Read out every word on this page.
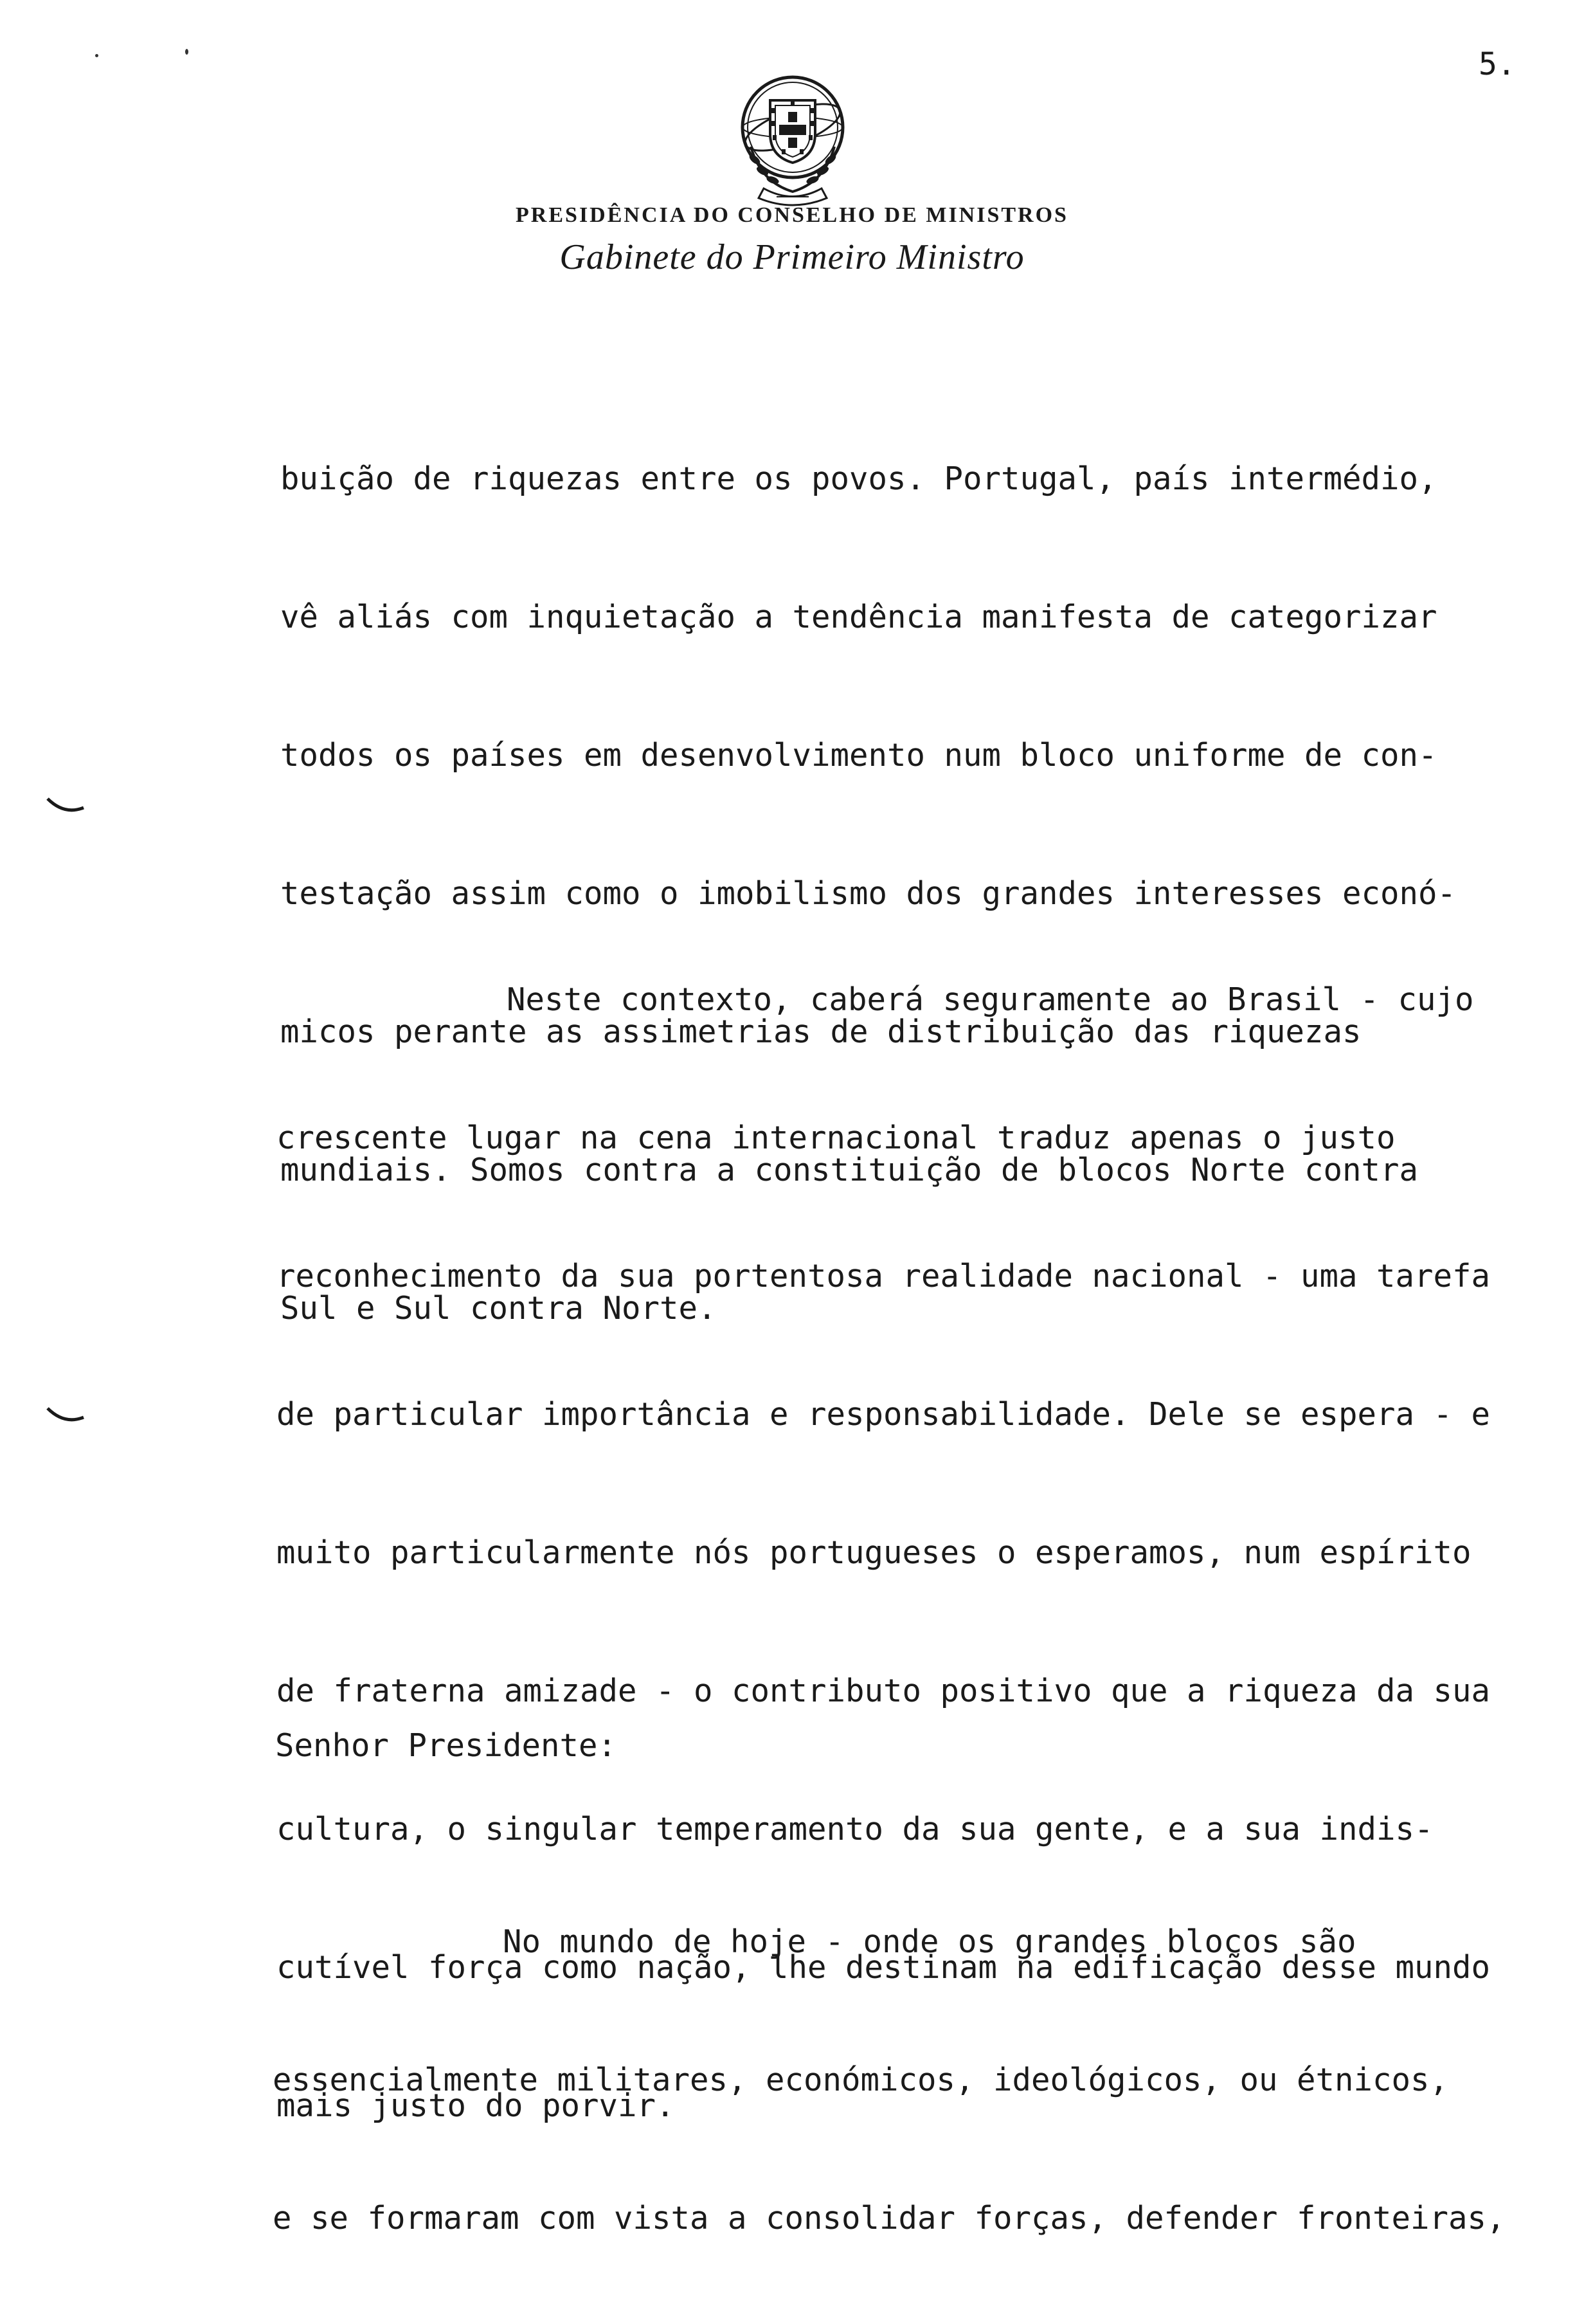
5.
PRESIDÊNCIA DO CONSELHO DE MINISTROS
Gabinete do Primeiro Ministro

buição de riquezas entre os povos. Portugal, país intermédio,

vê aliás com inquietação a tendência manifesta de categorizar

todos os países em desenvolvimento num bloco uniforme de con-

testação assim como o imobilismo dos grandes interesses econó-

micos perante as assimetrias de distribuição das riquezas

mundiais. Somos contra a constituição de blocos Norte contra

Sul e Sul contra Norte.

Neste contexto, caberá seguramente ao Brasil - cujo

crescente lugar na cena internacional traduz apenas o justo

reconhecimento da sua portentosa realidade nacional - uma tarefa

de particular importância e responsabilidade. Dele se espera - e

muito particularmente nós portugueses o esperamos, num espírito

de fraterna amizade - o contributo positivo que a riqueza da sua

cultura, o singular temperamento da sua gente, e a sua indis-

cutível força como nação, lhe destinam na edificação desse mundo

mais justo do porvir.

Senhor Presidente:

No mundo de hoje - onde os grandes blocos são

essencialmente militares, económicos, ideológicos, ou étnicos,

e se formaram com vista a consolidar forças, defender fronteiras,
